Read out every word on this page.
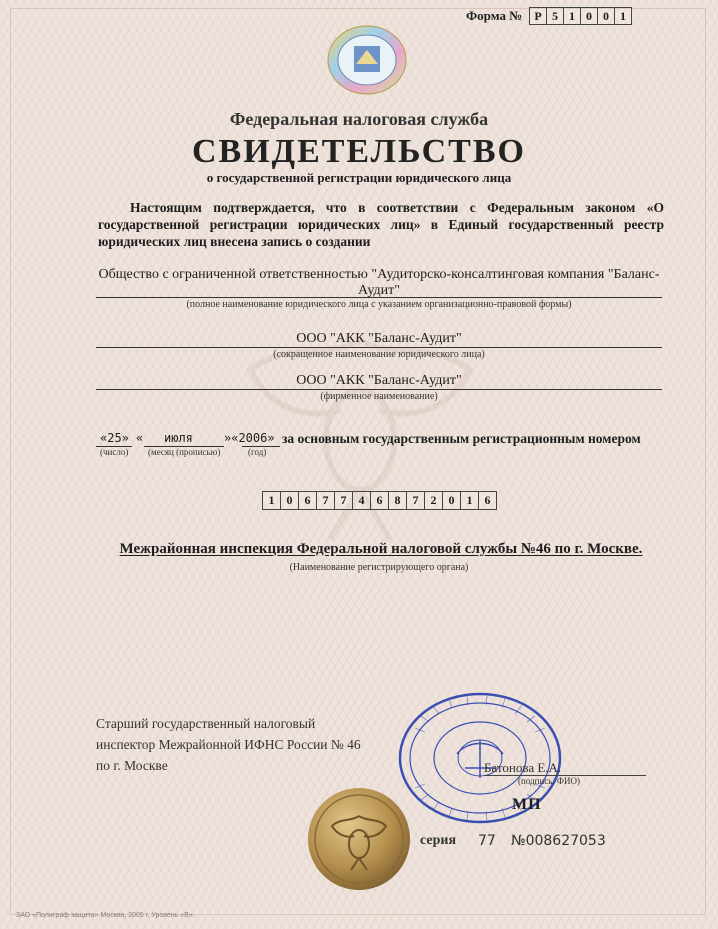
Форма №	Р 5 1 0 0 1
Федеральная налоговая служба
СВИДЕТЕЛЬСТВО
о государственной регистрации юридического лица
Настоящим подтверждается, что в соответствии с Федеральным законом «О государственной регистрации юридических лиц» в Единый государственный реестр юридических лиц внесена запись о создании
Общество с ограниченной ответственностью "Аудиторско-консалтинговая компания "Баланс-Аудит"
(полное наименование юридического лица с указанием организационно-правовой формы)
ООО "АКК "Баланс-Аудит"
(сокращенное наименование юридического лица)
ООО "АКК "Баланс-Аудит"
(фирменное наименование)
«25» « июля	»«2006» за основным государственным регистрационным номером
(число) (месяц (прописью)	(год)
1	0	6	7	7	4	6	8	7	2	0	1	6
Межрайонная инспекция Федеральной налоговой службы №46 по г. Москве.
(Наименование регистрирующего органа)
Старший государственный налоговый
инспектор Межрайонной ИФНС России № 46
по г. Москве	Батонова Е.А.
(подпись, ФИО)
МП
серия 77 №008627053
ЗАО «Полиграф защита» Москва, 2005 г. Уровень «В».
